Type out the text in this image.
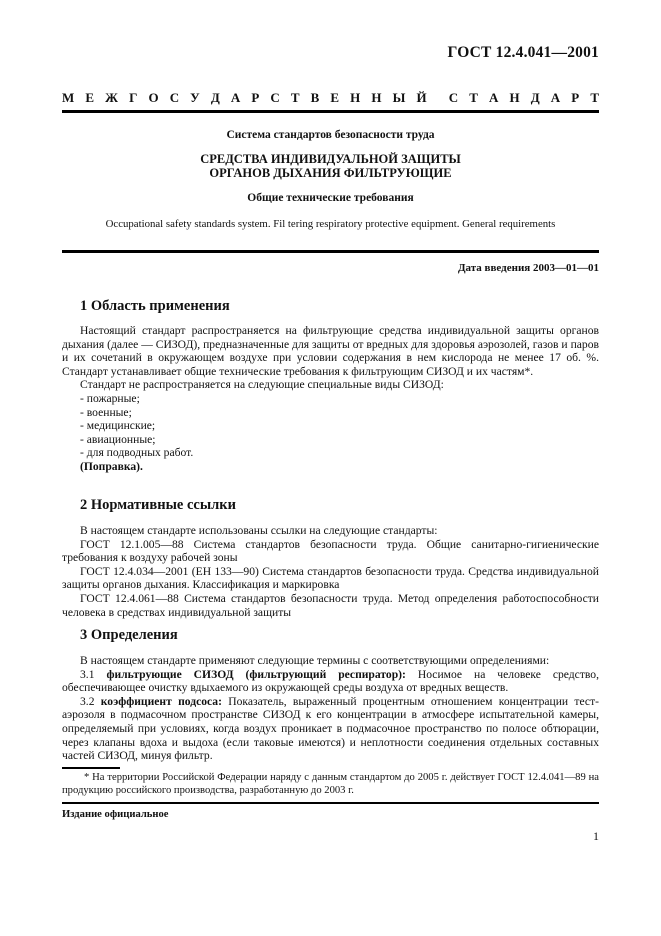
ГОСТ 12.4.041—2001
М Е Ж Г О С У Д А Р С Т В Е Н Н Ы Й С Т А Н Д А Р Т
Система стандартов безопасности труда
СРЕДСТВА ИНДИВИДУАЛЬНОЙ ЗАЩИТЫ
ОРГАНОВ ДЫХАНИЯ ФИЛЬТРУЮЩИЕ
Общие технические требования
Occupational safety standards system. Fil tering respiratory protective equipment. General requirements
Дата введения 2003—01—01
1 Область применения

Настоящий стандарт распространяется на фильтрующие средства индивидуальной защиты органов дыхания (далее — СИЗОД), предназначенные для защиты от вредных для здоровья аэрозолей, газов и паров и их сочетаний в окружающем воздухе при условии содержания в нем кислорода не менее 17 об. %. Стандарт устанавливает общие технические требования к фильтрующим СИЗОД и их частям*.

Стандарт не распространяется на следующие специальные виды СИЗОД:

- пожарные;

- военные;

- медицинские;

- авиационные;

- для подводных работ.

(Поправка).

2 Нормативные ссылки

В настоящем стандарте использованы ссылки на следующие стандарты:

ГОСТ 12.1.005—88 Система стандартов безопасности труда. Общие санитарно-гигиенические требования к воздуху рабочей зоны

ГОСТ 12.4.034—2001 (ЕН 133—90) Система стандартов безопасности труда. Средства индивидуальной защиты органов дыхания. Классификация и маркировка

ГОСТ 12.4.061—88 Система стандартов безопасности труда. Метод определения работоспособности человека в средствах индивидуальной защиты

3 Определения

В настоящем стандарте применяют следующие термины с соответствующими определениями:

3.1 фильтрующие СИЗОД (фильтрующий респиратор): Носимое на человеке средство, обеспечивающее очистку вдыхаемого из окружающей среды воздуха от вредных веществ.

3.2 коэффициент подсоса: Показатель, выраженный процентным отношением концентрации тест-аэрозоля в подмасочном пространстве СИЗОД к его концентрации в атмосфере испытательной камеры, определяемый при условиях, когда воздух проникает в подмасочное пространство по полосе обтюрации, через клапаны вдоха и выдоха (если таковые имеются) и неплотности соединения отдельных составных частей СИЗОД, минуя фильтр.

* На территории Российской Федерации наряду с данным стандартом до 2005 г. действует ГОСТ 12.4.041—89 на продукцию российского производства, разработанную до 2003 г.

Издание официальное
1
